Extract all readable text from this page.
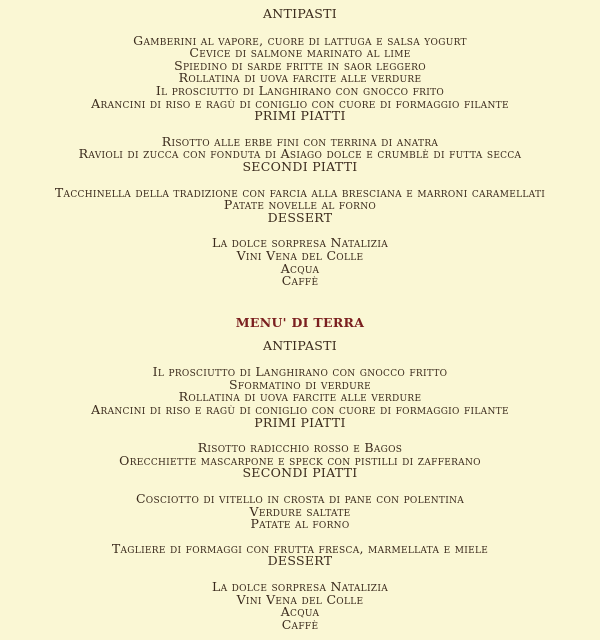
ANTIPASTI
Gamberini al vapore, cuore di lattuga e salsa yogurt
Cevice di salmone marinato al lime
Spiedino di sarde fritte in saor leggero
Rollatina di uova farcite alle verdure
Il prosciutto di Langhirano con gnocco frito
Arancini di riso e ragù di coniglio con cuore di formaggio filante
PRIMI PIATTI
Risotto alle erbe fini con terrina di anatra
Ravioli di zucca con fonduta di Asiago dolce e crumblè di futta secca
SECONDI PIATTI
Tacchinella della tradizione con farcia alla bresciana e marroni caramellati
Patate novelle al forno
DESSERT
La dolce sorpresa Natalizia
Vini Vena del Colle
Acqua
Caffè
MENU' DI TERRA
ANTIPASTI
Il prosciutto di Langhirano con gnocco fritto
Sformatino di verdure
Rollatina di uova farcite alle verdure
Arancini di riso e ragù di coniglio con cuore di formaggio filante
PRIMI PIATTI
Risotto radicchio rosso e Bagos
Orecchiette mascarpone e speck con pistilli di zafferano
SECONDI PIATTI
Cosciotto di vitello in crosta di pane con polentina
Verdure saltate
Patate al forno
Tagliere di formaggi con frutta fresca, marmellata e miele
DESSERT
La dolce sorpresa Natalizia
Vini Vena del Colle
Acqua
Caffè
